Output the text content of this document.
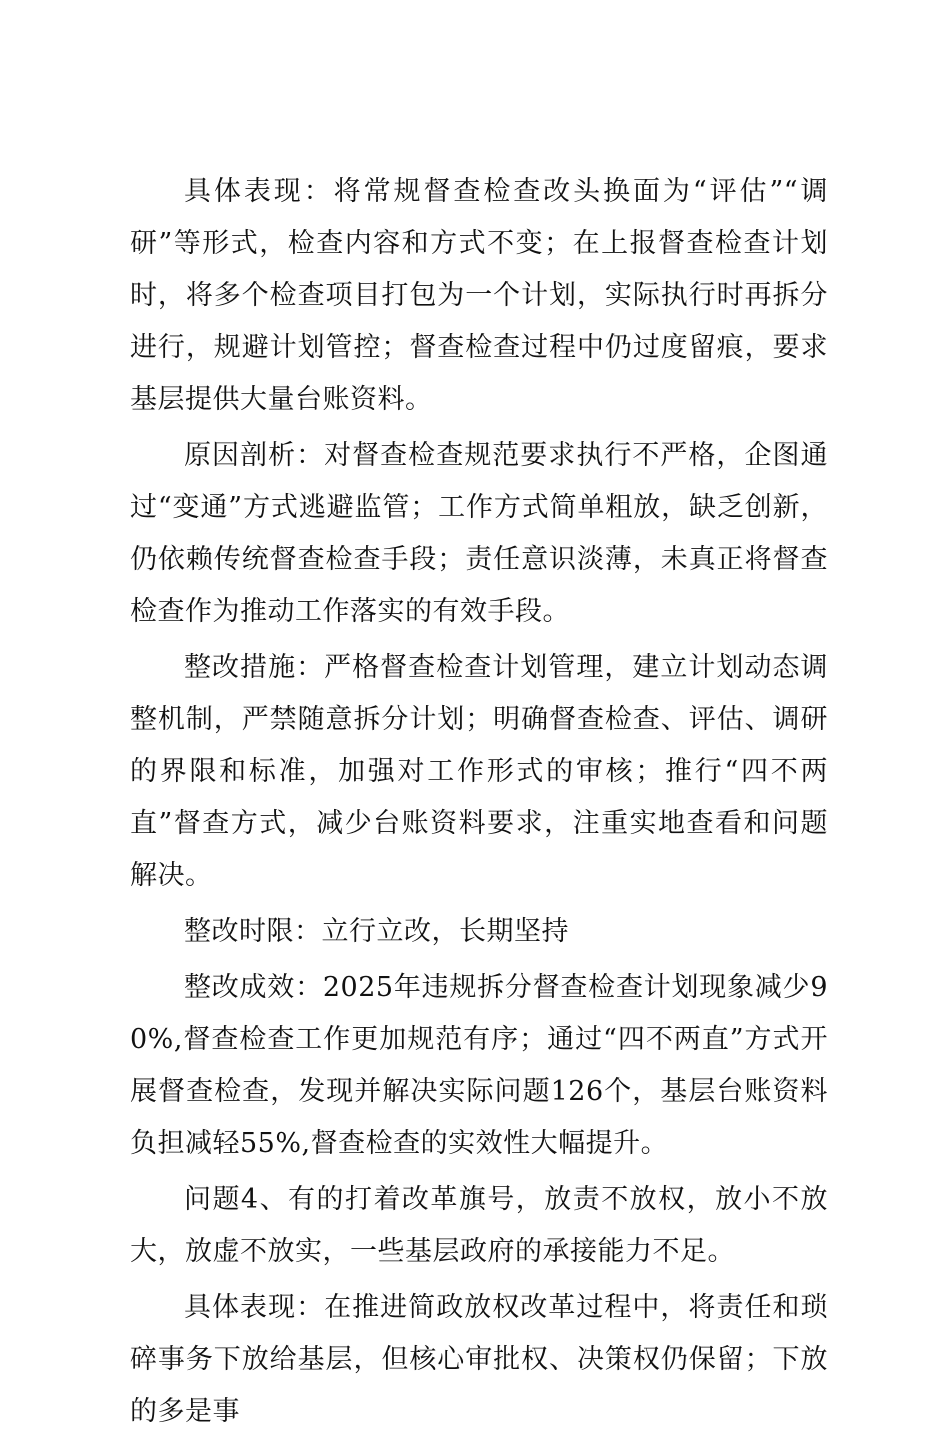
具体表现：将常规督查检查改头换面为“评估”“调研”等形式，检查内容和方式不变；在上报督查检查计划时，将多个检查项目打包为一个计划，实际执行时再拆分进行，规避计划管控；督查检查过程中仍过度留痕，要求基层提供大量台账资料。

原因剖析：对督查检查规范要求执行不严格，企图通过“变通”方式逃避监管；工作方式简单粗放，缺乏创新，仍依赖传统督查检查手段；责任意识淡薄，未真正将督查检查作为推动工作落实的有效手段。

整改措施：严格督查检查计划管理，建立计划动态调整机制，严禁随意拆分计划；明确督查检查、评估、调研的界限和标准，加强对工作形式的审核；推行“四不两直”督查方式，减少台账资料要求，注重实地查看和问题解决。

整改时限：立行立改，长期坚持

整改成效：2025年违规拆分督查检查计划现象减少90%,督查检查工作更加规范有序；通过“四不两直”方式开展督查检查，发现并解决实际问题126个，基层台账资料负担减轻55%,督查检查的实效性大幅提升。

问题4、有的打着改革旗号，放责不放权，放小不放大，放虚不放实，一些基层政府的承接能力不足。

具体表现：在推进简政放权改革过程中，将责任和琐碎事务下放给基层，但核心审批权、决策权仍保留；下放的多是事
